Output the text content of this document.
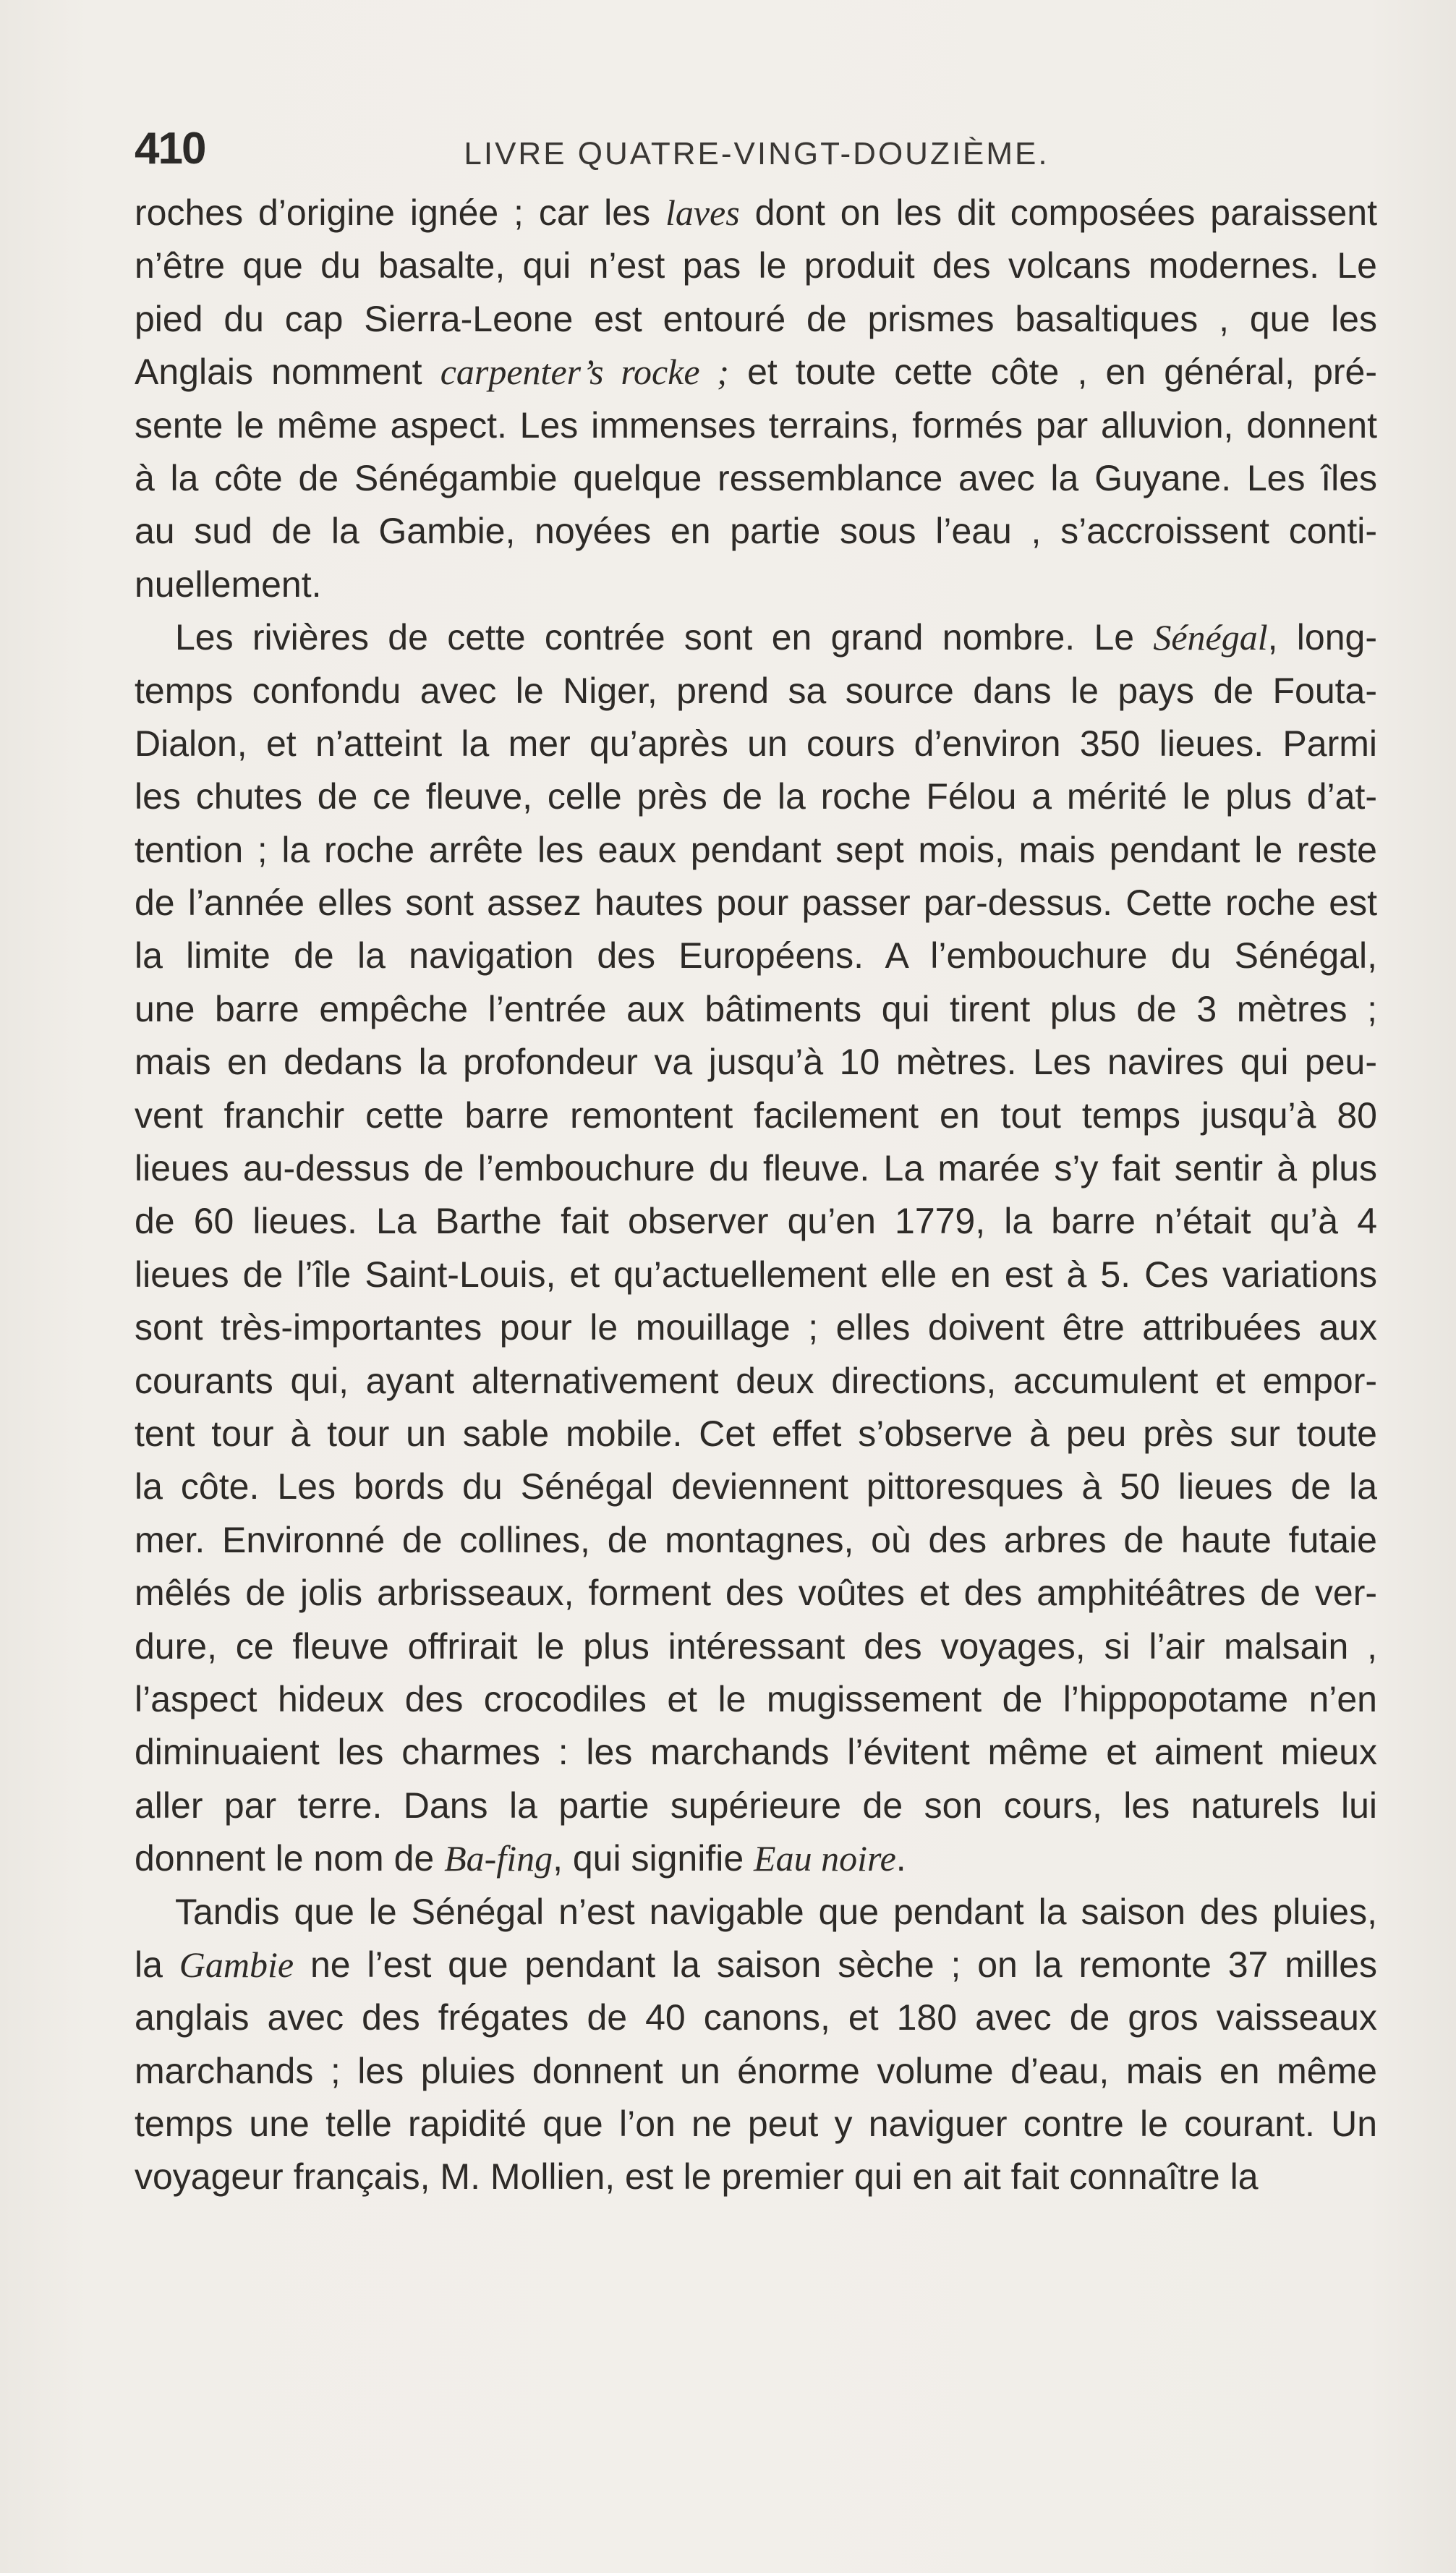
410	LIVRE QUATRE-VINGT-DOUZIÈME.
roches d’origine ignée ; car les laves dont on les dit composées paraissent
n’être que du basalte, qui n’est pas le produit des volcans modernes. Le
pied du cap Sierra-Leone est entouré de prismes basaltiques , que les
Anglais nomment carpenter’s rocke ; et toute cette côte , en général, pré-
sente le même aspect. Les immenses terrains, formés par alluvion, donnent
à la côte de Sénégambie quelque ressemblance avec la Guyane. Les îles
au sud de la Gambie, noyées en partie sous l’eau , s’accroissent conti-
nuellement.
Les rivières de cette contrée sont en grand nombre. Le Sénégal, long-
temps confondu avec le Niger, prend sa source dans le pays de Fouta-
Dialon, et n’atteint la mer qu’après un cours d’environ 350 lieues. Parmi
les chutes de ce fleuve, celle près de la roche Félou a mérité le plus d’at-
tention ; la roche arrête les eaux pendant sept mois, mais pendant le reste
de l’année elles sont assez hautes pour passer par-dessus. Cette roche est
la limite de la navigation des Européens. A l’embouchure du Sénégal,
une barre empêche l’entrée aux bâtiments qui tirent plus de 3 mètres ;
mais en dedans la profondeur va jusqu’à 10 mètres. Les navires qui peu-
vent franchir cette barre remontent facilement en tout temps jusqu’à 80
lieues au-dessus de l’embouchure du fleuve. La marée s’y fait sentir à plus
de 60 lieues. La Barthe fait observer qu’en 1779, la barre n’était qu’à 4
lieues de l’île Saint-Louis, et qu’actuellement elle en est à 5. Ces variations
sont très-importantes pour le mouillage ; elles doivent être attribuées aux
courants qui, ayant alternativement deux directions, accumulent et empor-
tent tour à tour un sable mobile. Cet effet s’observe à peu près sur toute
la côte. Les bords du Sénégal deviennent pittoresques à 50 lieues de la
mer. Environné de collines, de montagnes, où des arbres de haute futaie
mêlés de jolis arbrisseaux, forment des voûtes et des amphitéâtres de ver-
dure, ce fleuve offrirait le plus intéressant des voyages, si l’air malsain ,
l’aspect hideux des crocodiles et le mugissement de l’hippopotame n’en
diminuaient les charmes : les marchands l’évitent même et aiment mieux
aller par terre. Dans la partie supérieure de son cours, les naturels lui
donnent le nom de Ba-fing, qui signifie Eau noire.
Tandis que le Sénégal n’est navigable que pendant la saison des pluies,
la Gambie ne l’est que pendant la saison sèche ; on la remonte 37 milles
anglais avec des frégates de 40 canons, et 180 avec de gros vaisseaux
marchands ; les pluies donnent un énorme volume d’eau, mais en même
temps une telle rapidité que l’on ne peut y naviguer contre le courant. Un
voyageur français, M. Mollien, est le premier qui en ait fait connaître la
